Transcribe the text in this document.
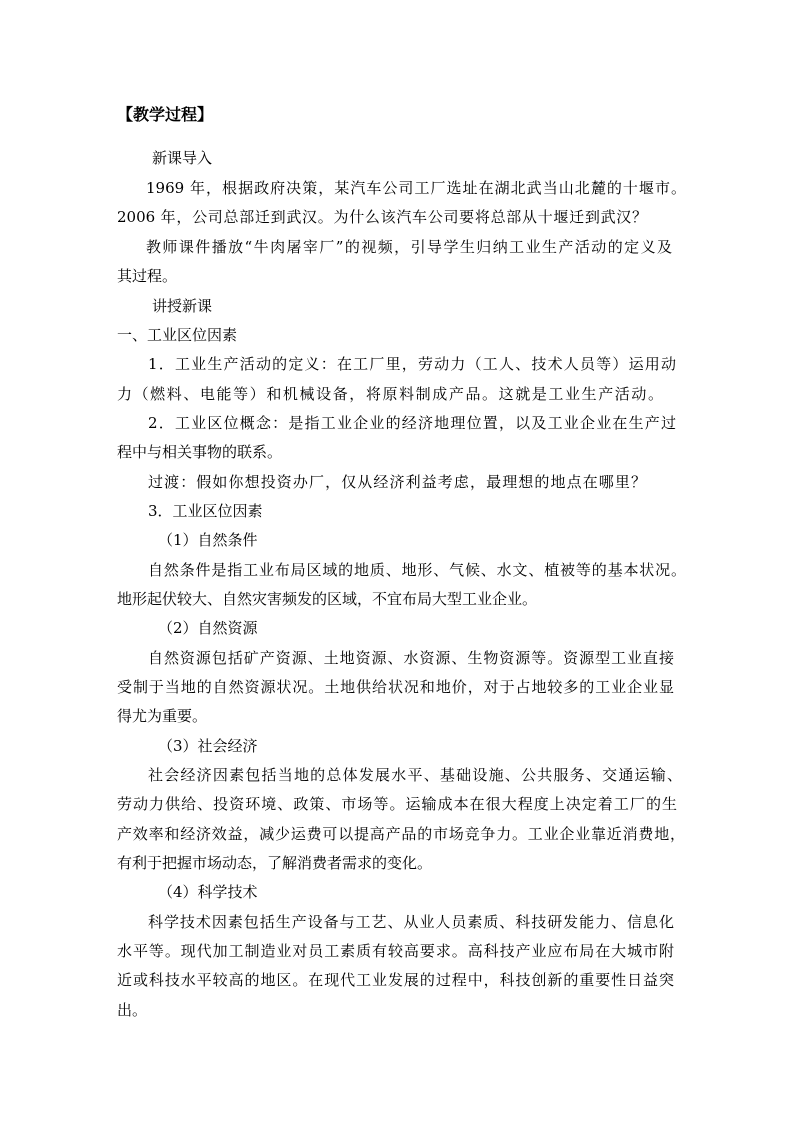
【教学过程】
新课导入
1969 年，根据政府决策，某汽车公司工厂选址在湖北武当山北麓的十堰市。
2006 年，公司总部迁到武汉。为什么该汽车公司要将总部从十堰迁到武汉？
教师课件播放“牛肉屠宰厂”的视频，引导学生归纳工业生产活动的定义及
其过程。
讲授新课
一、工业区位因素
1．工业生产活动的定义：在工厂里，劳动力（工人、技术人员等）运用动
力（燃料、电能等）和机械设备，将原料制成产品。这就是工业生产活动。
2．工业区位概念：是指工业企业的经济地理位置，以及工业企业在生产过
程中与相关事物的联系。
过渡：假如你想投资办厂，仅从经济利益考虑，最理想的地点在哪里？
3．工业区位因素
（1）自然条件
自然条件是指工业布局区域的地质、地形、气候、水文、植被等的基本状况。
地形起伏较大、自然灾害频发的区域，不宜布局大型工业企业。
（2）自然资源
自然资源包括矿产资源、土地资源、水资源、生物资源等。资源型工业直接
受制于当地的自然资源状况。土地供给状况和地价，对于占地较多的工业企业显
得尤为重要。
（3）社会经济
社会经济因素包括当地的总体发展水平、基础设施、公共服务、交通运输、
劳动力供给、投资环境、政策、市场等。运输成本在很大程度上决定着工厂的生
产效率和经济效益，减少运费可以提高产品的市场竞争力。工业企业靠近消费地，
有利于把握市场动态，了解消费者需求的变化。
（4）科学技术
科学技术因素包括生产设备与工艺、从业人员素质、科技研发能力、信息化
水平等。现代加工制造业对员工素质有较高要求。高科技产业应布局在大城市附
近或科技水平较高的地区。在现代工业发展的过程中，科技创新的重要性日益突
出。
